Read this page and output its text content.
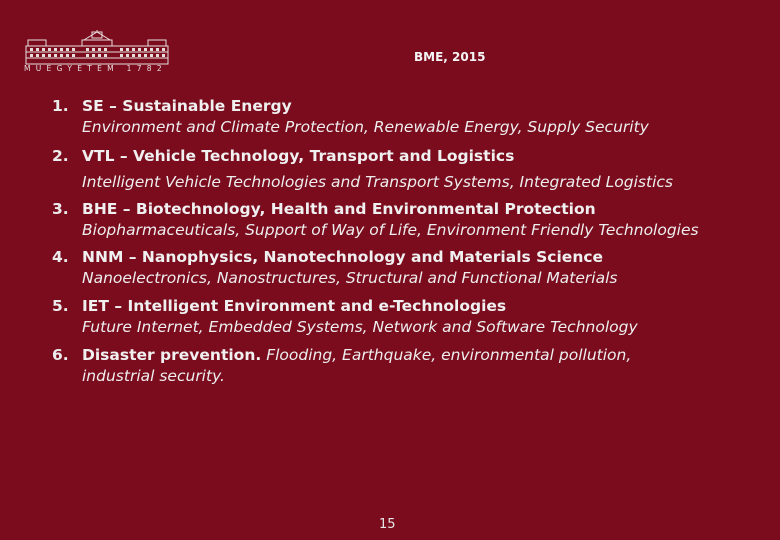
MŰEGYETEM 1782
BME, 2015
1. SE – Sustainable Energy
Environment and Climate Protection, Renewable Energy, Supply Security
2. VTL – Vehicle Technology, Transport and Logistics
Intelligent Vehicle Technologies and Transport Systems, Integrated Logistics
3. BHE – Biotechnology, Health and Environmental Protection
Biopharmaceuticals, Support of Way of Life, Environment Friendly Technologies
4. NNM – Nanophysics, Nanotechnology and Materials Science
Nanoelectronics, Nanostructures, Structural and Functional Materials
5. IET – Intelligent Environment and e-Technologies
Future Internet, Embedded Systems, Network and Software Technology
6. Disaster prevention. Flooding, Earthquake, environmental pollution, industrial security.
15
